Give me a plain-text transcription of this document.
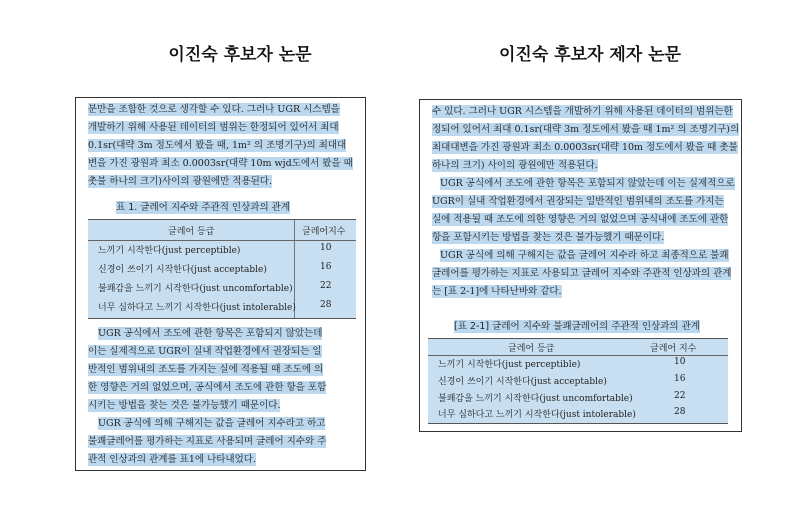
이진숙 후보자 논문	이진숙 후보자 제자 논문
분만을 조합한 것으로 생각할 수 있다. 그러나 UGR 시스템을
개발하기 위해 사용된 데이터의 범위는 한정되어 있어서 최대
0.1sr(대략 3m 정도에서 봤을 때, 1m² 의 조명기구)의 최대대
변을 가진 광원과 최소 0.0003sr(대략 10m wjd도에서 봤을 때
촛불 하나의 크기)사이의 광원에만 적용된다.
표 1. 글레어 지수와 주관적 인상과의 관계
글레어 등급	글레어지수
느끼기 시작한다(just perceptible)	10
신경이 쓰이기 시작한다(just acceptable)	16
불쾌감을 느끼기 시작한다(just uncomfortable)	22
너무 심하다고 느끼기 시작한다(just intolerable)	28
UGR 공식에서 조도에 관한 항목은 포함되지 않았는데
이는 실제적으로 UGR이 실내 작업환경에서 권장되는 일
반적인 범위내의 조도를 가지는 실에 적용될 때 조도에 의
한 영향은 거의 없었으며, 공식에서 조도에 관한 항을 포함
시키는 방법을 찾는 것은 불가능했기 때문이다.
UGR 공식에 의해 구해지는 값을 글레어 지수라고 하고
불쾌글레어를 평가하는 지표로 사용되며 글레어 지수와 주
관적 인상과의 관계를 표1에 나타내었다.
수 있다. 그러나 UGR 시스템을 개발하기 위해 사용된 데이터의 범위는한
정되어 있어서 최대 0.1sr(대략 3m 정도에서 봤을 때 1m² 의 조명기구)의
최대대변을 가진 광원과 최소 0.0003sr(대략 10m 정도에서 봤을 때 촛불
하나의 크기) 사이의 광원에만 적용된다.
UGR 공식에서 조도에 관한 항목은 포함되지 않았는데 이는 실제적으로
UGR이 실내 작업환경에서 권장되는 일반적인 범위내의 조도를 가지는
실에 적용될 때 조도에 의한 영향은 거의 없었으며 공식내에 조도에 관한
항을 포함시키는 방법을 찾는 것은 불가능했기 때문이다.
UGR 공식에 의해 구해지는 값을 글레어 지수라 하고 최종적으로 불쾌
글레어를 평가하는 지표로 사용되고 글레어 지수와 주관적 인상과의 관계
는 [표 2-1]에 나타난바와 같다.
[표 2-1] 글레어 지수와 불쾌글레어의 주관적 인상과의 관계
글레어 등급	글레어 지수
느끼기 시작한다(just perceptible)	10
신경이 쓰이기 시작한다(just acceptable)	16
불쾌감을 느끼기 시작한다(just uncomfortable)	22
너무 심하다고 느끼기 시작한다(just intolerable)	28
